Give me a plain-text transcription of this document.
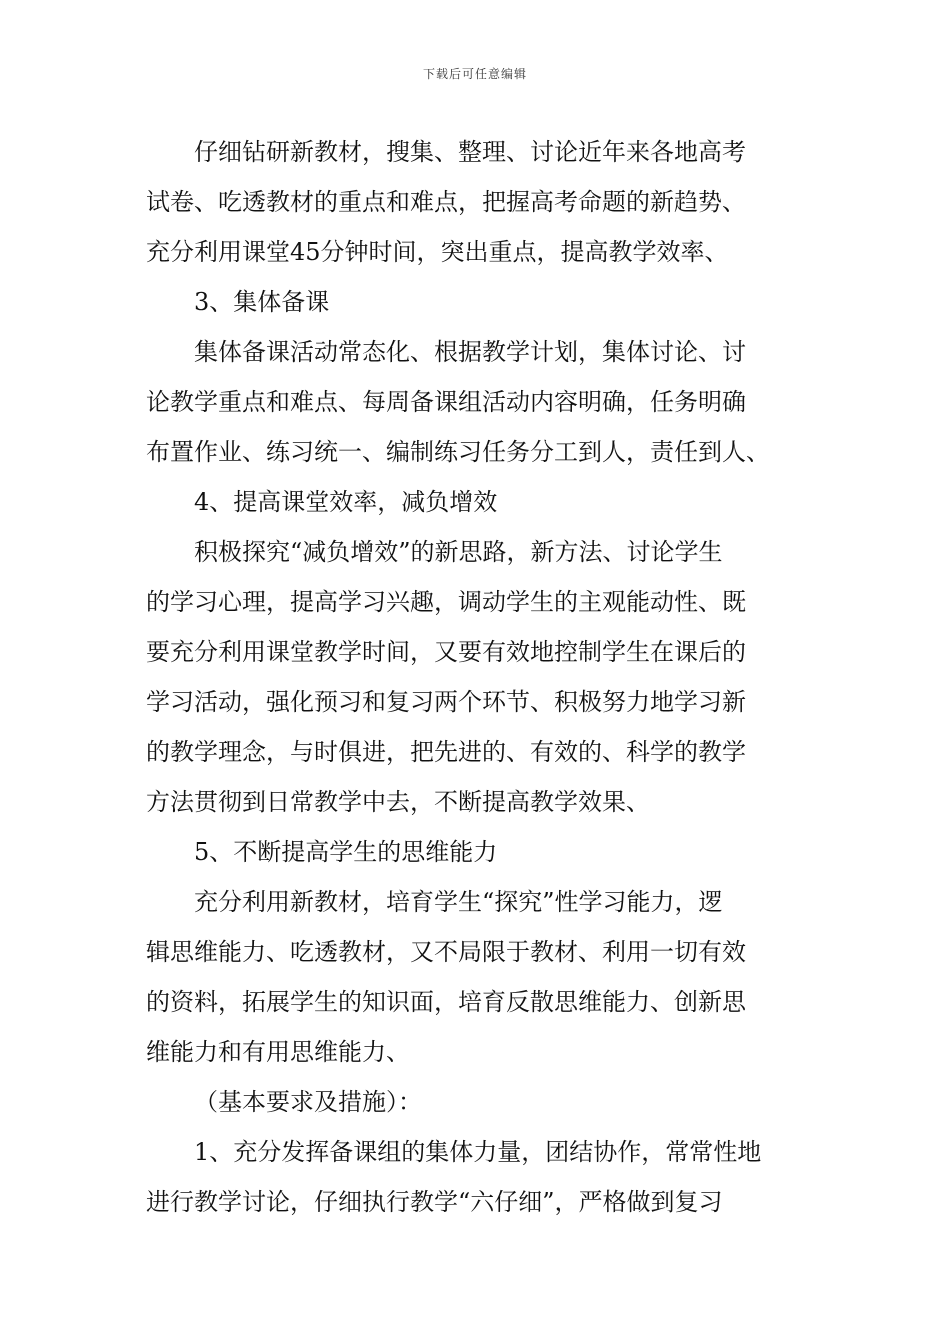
下载后可任意编辑
仔细钻研新教材，搜集、整理、讨论近年来各地高考
试卷、吃透教材的重点和难点，把握高考命题的新趋势、
充分利用课堂45分钟时间，突出重点，提高教学效率、
3、集体备课
集体备课活动常态化、根据教学计划，集体讨论、讨
论教学重点和难点、每周备课组活动内容明确，任务明确
布置作业、练习统一、编制练习任务分工到人，责任到人、
4、提高课堂效率，减负增效
积极探究“减负增效”的新思路，新方法、讨论学生
的学习心理，提高学习兴趣，调动学生的主观能动性、既
要充分利用课堂教学时间，又要有效地控制学生在课后的
学习活动，强化预习和复习两个环节、积极努力地学习新
的教学理念，与时俱进，把先进的、有效的、科学的教学
方法贯彻到日常教学中去，不断提高教学效果、
5、不断提高学生的思维能力
充分利用新教材，培育学生“探究”性学习能力，逻
辑思维能力、吃透教材，又不局限于教材、利用一切有效
的资料，拓展学生的知识面，培育反散思维能力、创新思
维能力和有用思维能力、
（基本要求及措施）：
1、充分发挥备课组的集体力量，团结协作，常常性地
进行教学讨论，仔细执行教学“六仔细”，严格做到复习
